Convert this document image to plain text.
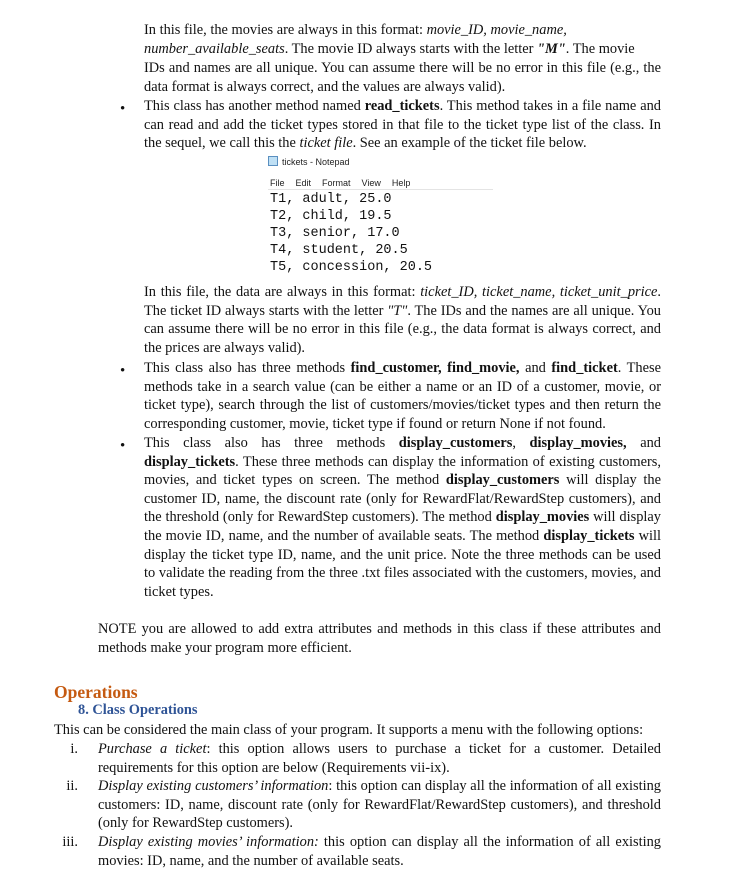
In this file, the movies are always in this format: movie_ID, movie_name,
number_available_seats. The movie ID always starts with the letter "M". The movie
IDs and names are all unique. You can assume there will be no error in this file (e.g., the data format is always correct, and the values are always valid).
• This class has another method named read_tickets. This method takes in a file name and can read and add the ticket types stored in that file to the ticket type list of the class. In the sequel, we call this the ticket file. See an example of the ticket file below.
tickets - Notepad
File Edit Format View Help
T1, adult, 25.0
T2, child, 19.5
T3, senior, 17.0
T4, student, 20.5
T5, concession, 20.5
In this file, the data are always in this format: ticket_ID, ticket_name, ticket_unit_price. The ticket ID always starts with the letter "T". The IDs and the names are all unique. You can assume there will be no error in this file (e.g., the data format is always correct, and the prices are always valid).
• This class also has three methods find_customer, find_movie, and find_ticket. These methods take in a search value (can be either a name or an ID of a customer, movie, or ticket type), search through the list of customers/movies/ticket types and then return the corresponding customer, movie, ticket type if found or return None if not found.
• This class also has three methods display_customers, display_movies, and display_tickets. These three methods can display the information of existing customers, movies, and ticket types on screen. The method display_customers will display the customer ID, name, the discount rate (only for RewardFlat/RewardStep customers), and the threshold (only for RewardStep customers). The method display_movies will display the movie ID, name, and the number of available seats. The method display_tickets will display the ticket type ID, name, and the unit price. Note the three methods can be used to validate the reading from the three .txt files associated with the customers, movies, and ticket types.
NOTE you are allowed to add extra attributes and methods in this class if these attributes and methods make your program more efficient.
Operations
8. Class Operations
This can be considered the main class of your program. It supports a menu with the following options:
i. Purchase a ticket: this option allows users to purchase a ticket for a customer. Detailed requirements for this option are below (Requirements vii-ix).
ii. Display existing customers’ information: this option can display all the information of all existing customers: ID, name, discount rate (only for RewardFlat/RewardStep customers), and threshold (only for RewardStep customers).
iii. Display existing movies’ information: this option can display all the information of all existing movies: ID, name, and the number of available seats.
